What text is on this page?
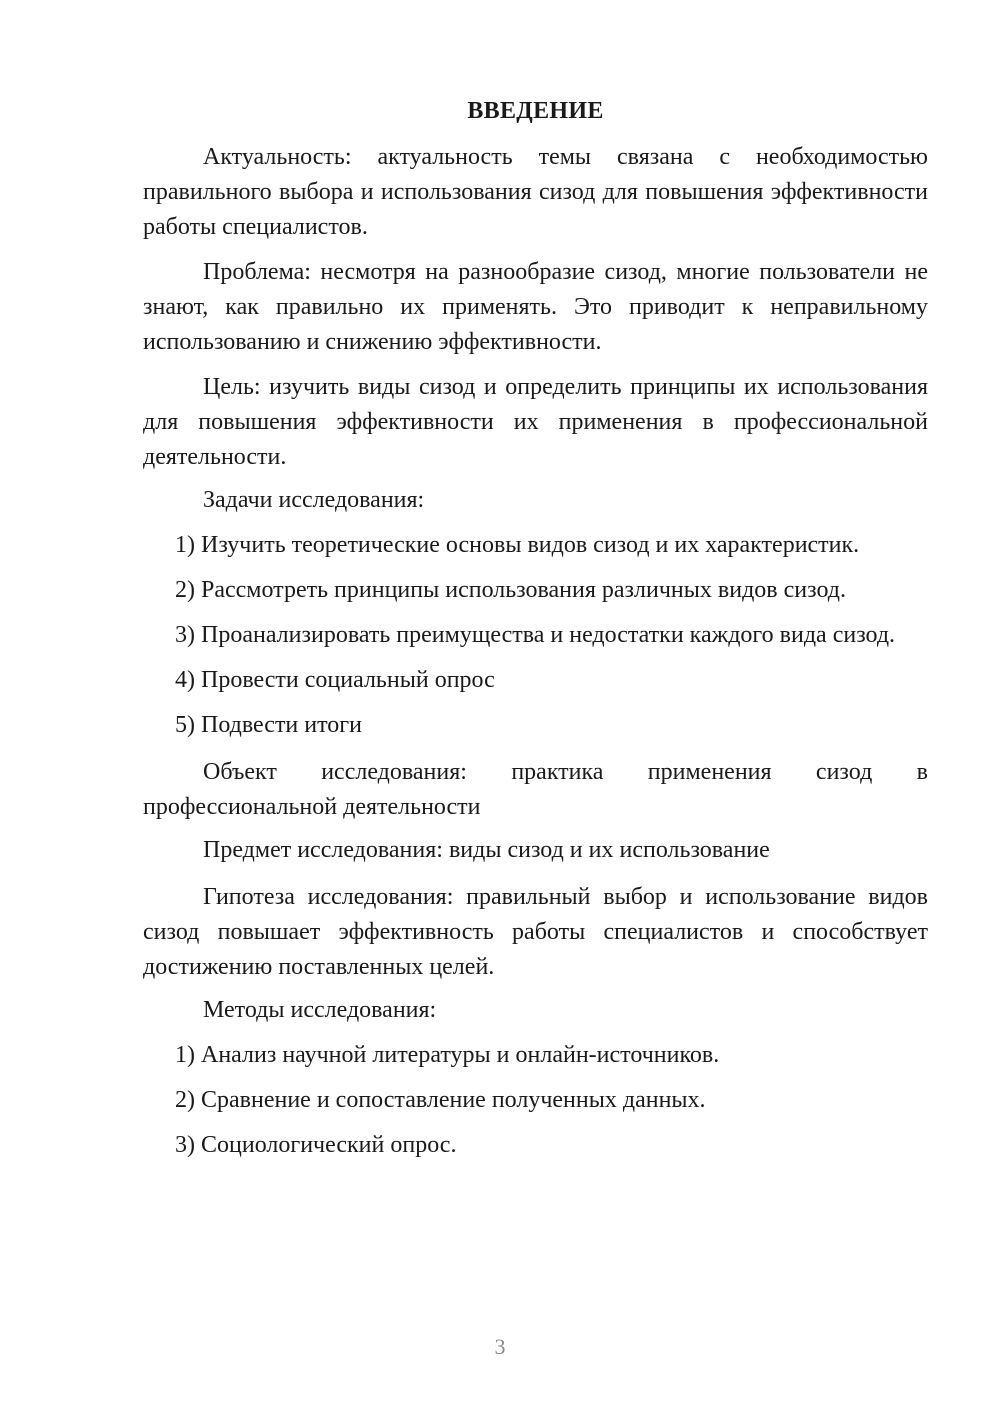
ВВЕДЕНИЕ

Актуальность: актуальность темы связана с необходимостью правильного выбора и использования сизод для повышения эффективности работы специалистов.

Проблема: несмотря на разнообразие сизод, многие пользователи не знают, как правильно их применять. Это приводит к неправильному использованию и снижению эффективности.

Цель: изучить виды сизод и определить принципы их использования для повышения эффективности их применения в профессиональной деятельности.

Задачи исследования:

1) Изучить теоретические основы видов сизод и их характеристик.
2) Рассмотреть принципы использования различных видов сизод.
3) Проанализировать преимущества и недостатки каждого вида сизод.
4) Провести социальный опрос
5) Подвести итоги

Объект исследования: практика применения сизод в профессиональной деятельности

Предмет исследования: виды сизод и их использование

Гипотеза исследования: правильный выбор и использование видов сизод повышает эффективность работы специалистов и способствует достижению поставленных целей.

Методы исследования:

1) Анализ научной литературы и онлайн-источников.
2) Сравнение и сопоставление полученных данных.
3) Социологический опрос.
3
